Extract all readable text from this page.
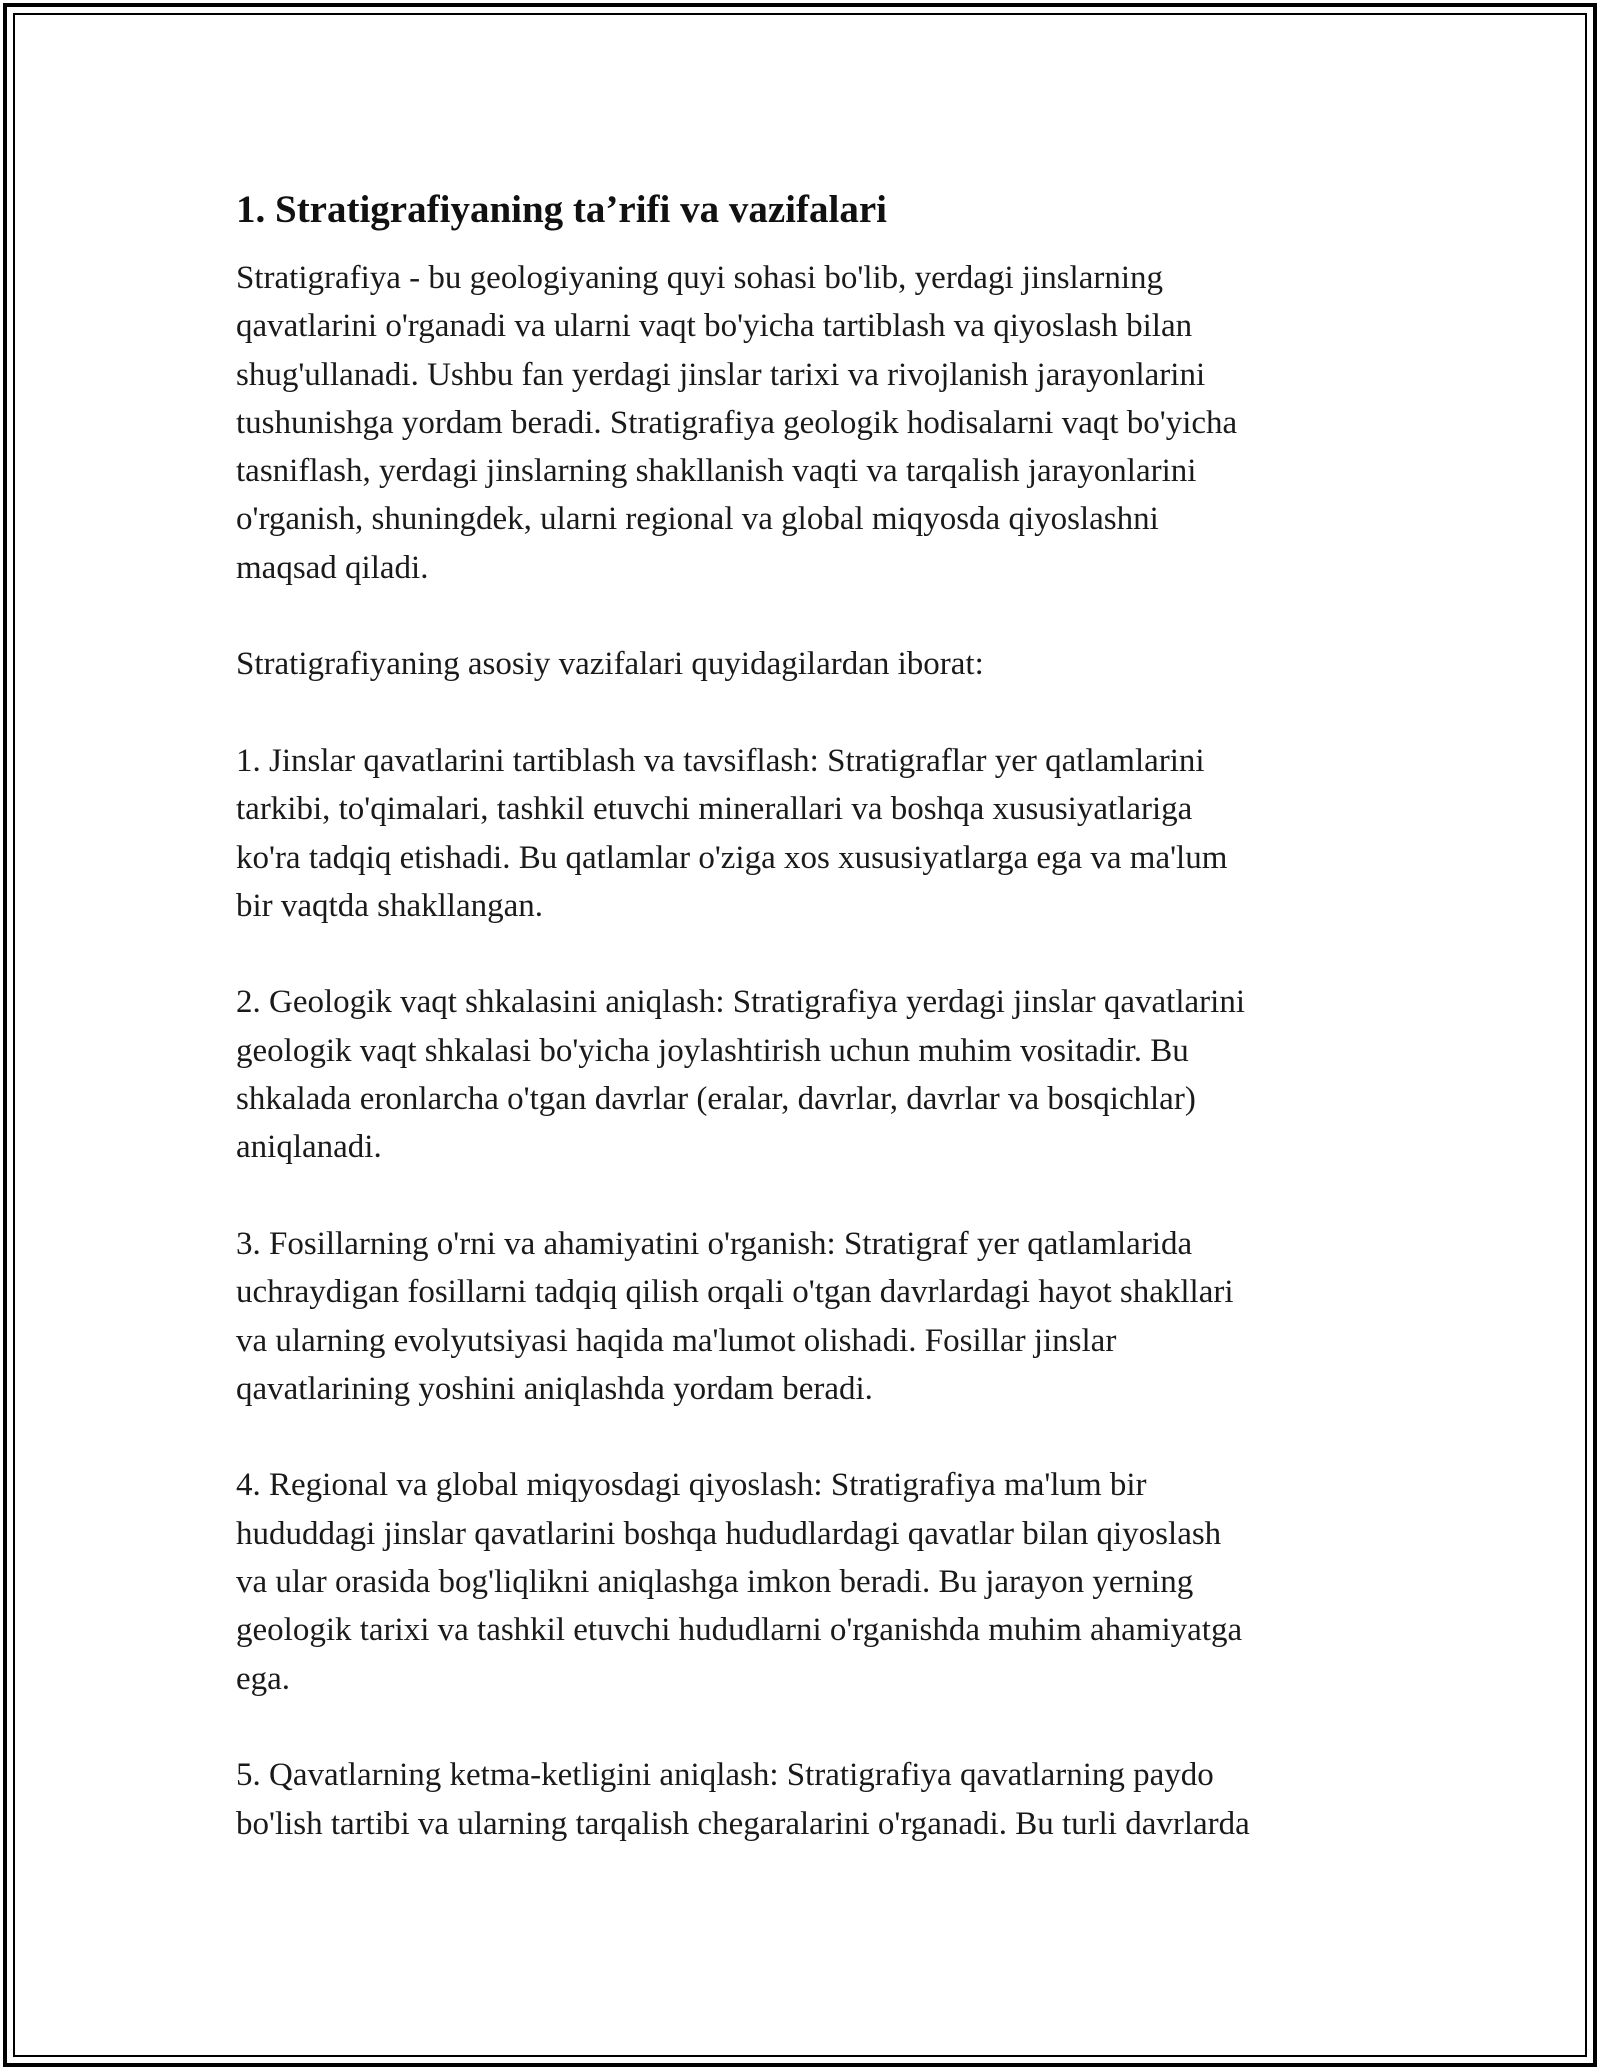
1. Stratigrafiyaning ta’rifi va vazifalari
Stratigrafiya - bu geologiyaning quyi sohasi bo'lib, yerdagi jinslarning
qavatlarini o'rganadi va ularni vaqt bo'yicha tartiblash va qiyoslash bilan
shug'ullanadi. Ushbu fan yerdagi jinslar tarixi va rivojlanish jarayonlarini
tushunishga yordam beradi. Stratigrafiya geologik hodisalarni vaqt bo'yicha
tasniflash, yerdagi jinslarning shakllanish vaqti va tarqalish jarayonlarini
o'rganish, shuningdek, ularni regional va global miqyosda qiyoslashni
maqsad qiladi.
Stratigrafiyaning asosiy vazifalari quyidagilardan iborat:
1. Jinslar qavatlarini tartiblash va tavsiflash: Stratigraflar yer qatlamlarini
tarkibi, to'qimalari, tashkil etuvchi minerallari va boshqa xususiyatlariga
ko'ra tadqiq etishadi. Bu qatlamlar o'ziga xos xususiyatlarga ega va ma'lum
bir vaqtda shakllangan.
2. Geologik vaqt shkalasini aniqlash: Stratigrafiya yerdagi jinslar qavatlarini
geologik vaqt shkalasi bo'yicha joylashtirish uchun muhim vositadir. Bu
shkalada eronlarcha o'tgan davrlar (eralar, davrlar, davrlar va bosqichlar)
aniqlanadi.
3. Fosillarning o'rni va ahamiyatini o'rganish: Stratigraf yer qatlamlarida
uchraydigan fosillarni tadqiq qilish orqali o'tgan davrlardagi hayot shakllari
va ularning evolyutsiyasi haqida ma'lumot olishadi. Fosillar jinslar
qavatlarining yoshini aniqlashda yordam beradi.
4. Regional va global miqyosdagi qiyoslash: Stratigrafiya ma'lum bir
hududdagi jinslar qavatlarini boshqa hududlardagi qavatlar bilan qiyoslash
va ular orasida bog'liqlikni aniqlashga imkon beradi. Bu jarayon yerning
geologik tarixi va tashkil etuvchi hududlarni o'rganishda muhim ahamiyatga
ega.
5. Qavatlarning ketma-ketligini aniqlash: Stratigrafiya qavatlarning paydo
bo'lish tartibi va ularning tarqalish chegaralarini o'rganadi. Bu turli davrlarda
